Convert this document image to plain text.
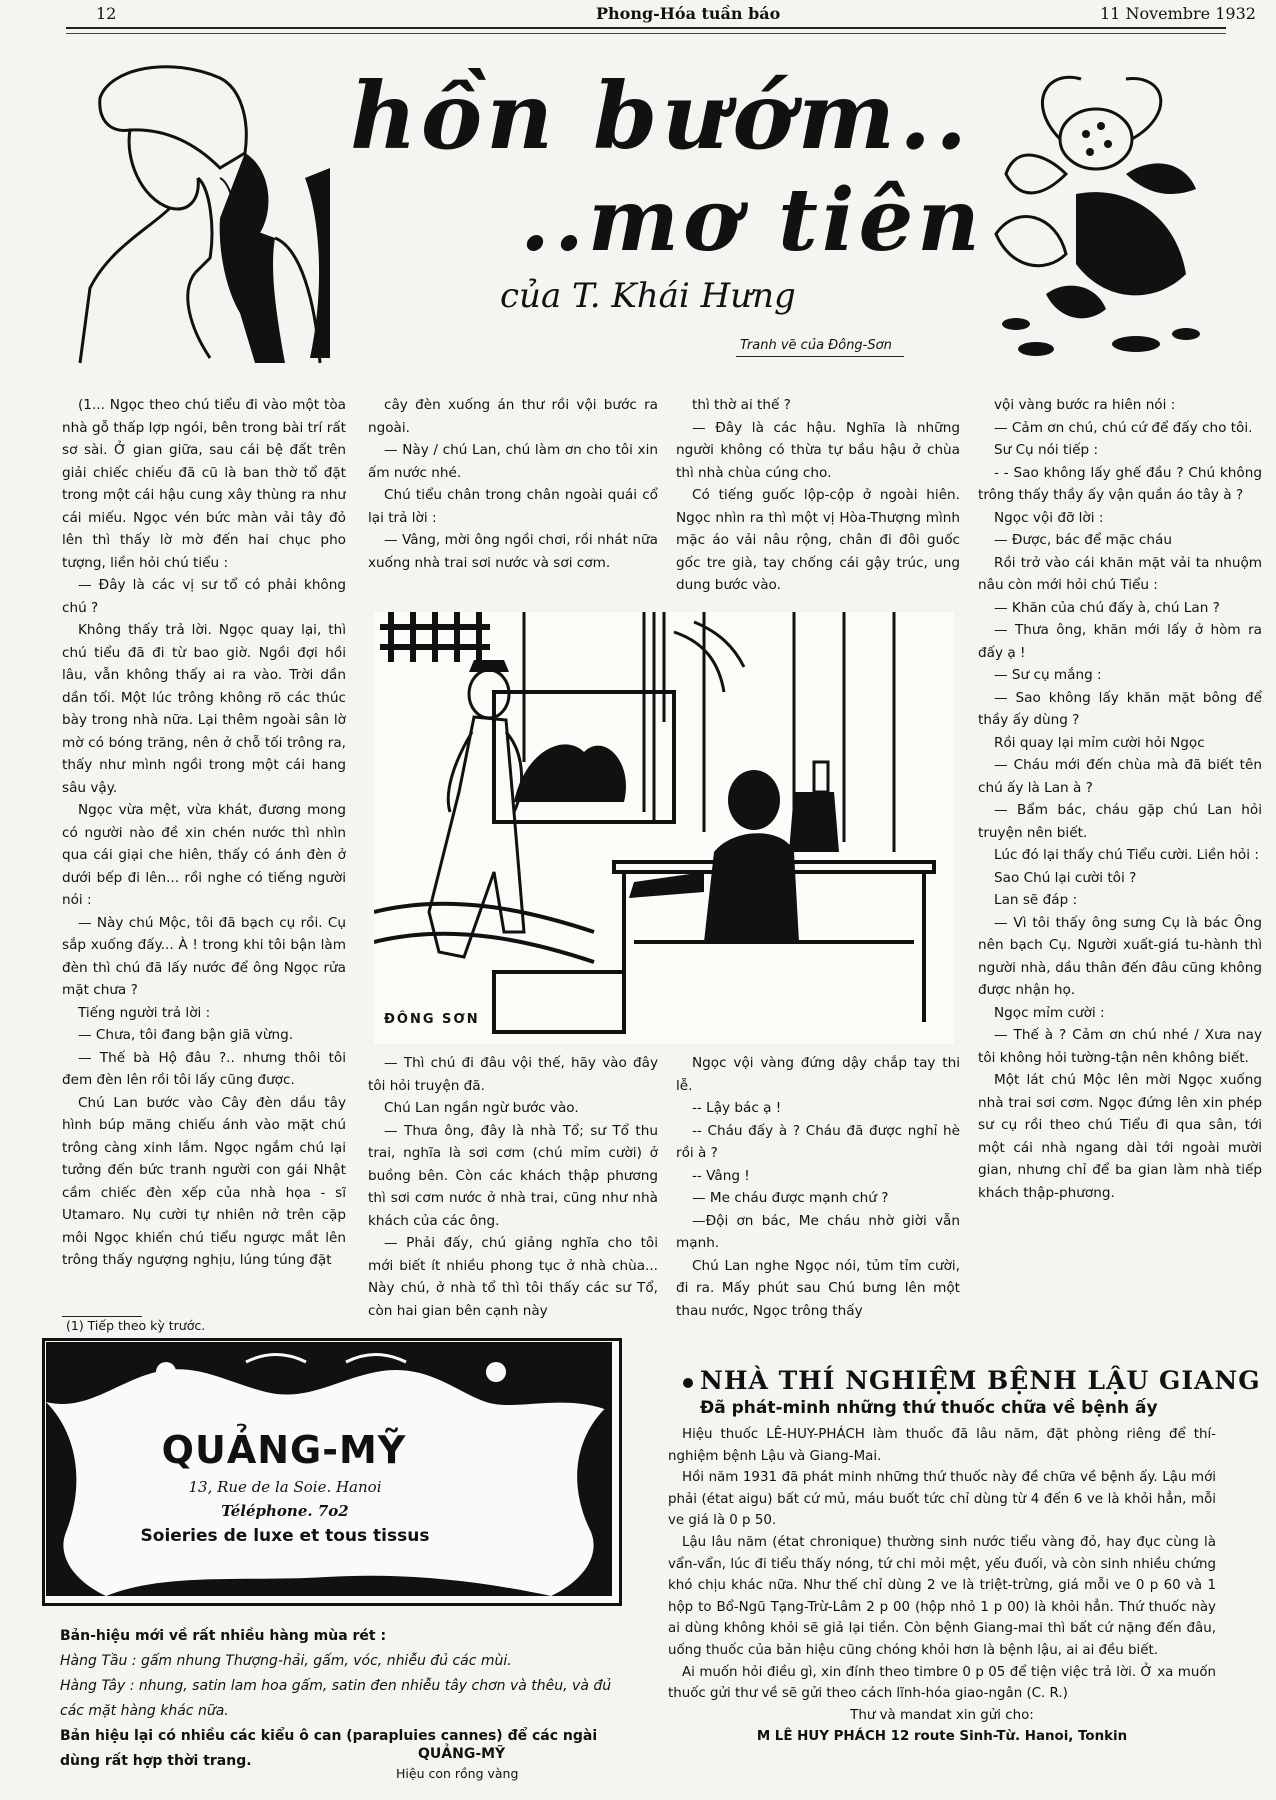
12	Phong-Hóa tuần báo	11 Novembre 1932
hồn bướm..
..mơ tiên
của T. Khái Hưng
Tranh vẽ của Đông-Sơn

(1... Ngọc theo chú tiểu đi vào một tòa nhà gỗ thấp lợp ngói, bên trong bài trí rất sơ sài. Ở gian giữa, sau cái bệ đất trên giải chiếc chiếu đã cũ là ban thờ tổ đặt trong một cái hậu cung xây thùng ra như cái miếu. Ngọc vén bức màn vải tây đỏ lên thì thấy lờ mờ đến hai chục pho tượng, liền hỏi chú tiểu :

— Đây là các vị sư tổ có phải không chú ?

Không thấy trả lời. Ngọc quay lại, thì chú tiểu đã đi từ bao giờ. Ngồi đợi hồi lâu, vẫn không thấy ai ra vào. Trời dần dần tối. Một lúc trông không rõ các thúc bày trong nhà nữa. Lại thêm ngoài sân lờ mờ có bóng trăng, nên ở chỗ tối trông ra, thấy như mình ngồi trong một cái hang sâu vậy.

Ngọc vừa mệt, vừa khát, đương mong có người nào đề xin chén nước thì nhìn qua cái giại che hiên, thấy có ánh đèn ở dưới bếp đi lên... rồi nghe có tiếng người nói :

— Này chú Mộc, tôi đã bạch cụ rồi. Cụ sắp xuống đấy... À ! trong khi tôi bận làm đèn thì chú đã lấy nước để ông Ngọc rửa mặt chưa ?

Tiếng người trả lời :

— Chưa, tôi đang bận giã vừng.

— Thế bà Hộ đâu ?.. nhưng thôi tôi đem đèn lên rồi tôi lấy cũng được.

Chú Lan bước vào Cây đèn dầu tây hình búp măng chiếu ánh vào mặt chú trông càng xinh lắm. Ngọc ngắm chú lại tưởng đến bức tranh người con gái Nhật cầm chiếc đèn xếp của nhà họa - sĩ Utamaro. Nụ cười tự nhiên nở trên cặp môi Ngọc khiến chú tiểu ngược mắt lên trông thấy ngượng nghịu, lúng túng đặt

cây đèn xuống án thư rồi vội bước ra ngoài.

— Này / chú Lan, chú làm ơn cho tôi xin ấm nước nhé.

Chú tiểu chân trong chân ngoài quái cổ lại trả lời :

— Vâng, mời ông ngồi chơi, rồi nhát nữa xuống nhà trai sơi nước và sơi cơm.

thì thờ ai thế ?

— Đây là các hậu. Nghĩa là những người không có thừa tự bầu hậu ở chùa thì nhà chùa cúng cho.

Có tiếng guốc lộp-cộp ở ngoài hiên. Ngọc nhìn ra thì một vị Hòa-Thượng mình mặc áo vải nâu rộng, chân đi đôi guốc gốc tre già, tay chống cái gậy trúc, ung dung bước vào.

vội vàng bước ra hiên nói :

— Cảm ơn chú, chú cứ để đấy cho tôi.

Sư Cụ nói tiếp :

- - Sao không lấy ghế đầu ? Chú không trông thấy thầy ấy vận quần áo tây à ?

Ngọc vội đỡ lời :

— Được, bác để mặc cháu

Rồi trở vào cái khăn mặt vải ta nhuộm nâu còn mới hỏi chú Tiểu :

— Khăn của chú đấy à, chú Lan ?

— Thưa ông, khăn mới lấy ở hòm ra đấy ạ !

— Sư cụ mắng :

— Sao không lấy khăn mặt bông để thầy ấy dùng ?

Rồi quay lại mỉm cười hỏi Ngọc

— Cháu mới đến chùa mà đã biết tên chú ấy là Lan à ?

— Bẩm bác, cháu gặp chú Lan hỏi truyện nên biết.

Lúc đó lại thấy chú Tiểu cười. Liền hỏi :

Sao Chú lại cười tôi ?

Lan sẽ đáp :

— Vì tôi thấy ông sưng Cụ là bác Ông nên bạch Cụ. Người xuất-giá tu-hành thì người nhà, dầu thân đến đâu cũng không được nhận họ.

Ngọc mỉm cười :

— Thế à ? Cảm ơn chú nhé / Xưa nay tôi không hỏi tường-tận nên không biết.

Một lát chú Mộc lên mời Ngọc xuống nhà trai sơi cơm. Ngọc đứng lên xin phép sư cụ rồi theo chú Tiểu đi qua sân, tới một cái nhà ngang dài tới ngoài mười gian, nhưng chỉ để ba gian làm nhà tiếp khách thập-phương.

ĐÔNG SƠN

— Thì chú đi đâu vội thế, hãy vào đây tôi hỏi truyện đã.

Chú Lan ngần ngừ bước vào.

— Thưa ông, đây là nhà Tổ; sư Tổ thu trai, nghĩa là sơi cơm (chú mỉm cười) ở buồng bên. Còn các khách thập phương thì sơi cơm nước ở nhà trai, cũng như nhà khách của các ông.

— Phải đấy, chú giảng nghĩa cho tôi mới biết ít nhiều phong tục ở nhà chùa... Này chú, ở nhà tổ thì tôi thấy các sư Tổ, còn hai gian bên cạnh này

Ngọc vội vàng đứng dậy chắp tay thi lễ.

-- Lậy bác ạ !

-- Cháu đấy à ? Cháu đã được nghỉ hè rồi à ?

-- Vâng !

— Me cháu được mạnh chứ ?

—Đội ơn bác, Me cháu nhờ giời vẫn mạnh.

Chú Lan nghe Ngọc nói, tủm tỉm cười, đi ra. Mấy phút sau Chú bưng lên một thau nước, Ngọc trông thấy

(1) Tiếp theo kỳ trước.
QUẢNG-MỸ
13, Rue de la Soie. Hanoi
Téléphone. 7o2
Soieries de luxe et tous tissus

Bản-hiệu mới về rất nhiều hàng mùa rét :

Hàng Tầu : gấm nhung Thượng-hải, gấm, vóc, nhiễu đủ các mùi.

Hàng Tây : nhung, satin lam hoa gấm, satin đen nhiễu tây chơn và thêu, và đủ các mặt hàng khác nữa.

Bản hiệu lại có nhiều các kiểu ô can (parapluies cannes) để các ngài dùng rất hợp thời trang.	QUẢNG-MỸ
Hiệu con rồng vàng
NHÀ THÍ NGHIỆM BỆNH LẬU GIANG
Đã phát-minh những thứ thuốc chữa về bệnh ấy

Hiệu thuốc LÊ-HUY-PHÁCH làm thuốc đã lâu năm, đặt phòng riêng để thí-nghiệm bệnh Lậu và Giang-Mai.

Hồi năm 1931 đã phát minh những thứ thuốc này đề chữa về bệnh ấy. Lậu mới phải (état aigu) bất cứ mủ, máu buốt tức chỉ dùng từ 4 đến 6 ve là khỏi hẳn, mỗi ve giá là 0 p 50.

Lậu lâu năm (état chronique) thường sinh nước tiểu vàng đỏ, hay đục cùng là vẩn-vẩn, lúc đi tiểu thấy nóng, tứ chi mỏi mệt, yếu đuối, và còn sinh nhiều chứng khó chịu khác nữa. Như thế chỉ dùng 2 ve là triệt-trừng, giá mỗi ve 0 p 60 và 1 hộp to Bổ-Ngũ Tạng-Trừ-Lâm 2 p 00 (hộp nhỏ 1 p 00) là khỏi hẳn. Thứ thuốc này ai dùng không khỏi sẽ giả lại tiền. Còn bệnh Giang-mai thì bất cứ nặng đến đâu, uống thuốc của bản hiệu cũng chóng khỏi hơn là bệnh lậu, ai ai đều biết.

Ai muốn hỏi điều gì, xin đính theo timbre 0 p 05 để tiện việc trả lời. Ở xa muốn thuốc gửi thư về sẽ gửi theo cách lĩnh-hóa giao-ngân (C. R.)

Thư và mandat xin gửi cho:

M LÊ HUY PHÁCH 12 route Sinh-Từ. Hanoi, Tonkin
